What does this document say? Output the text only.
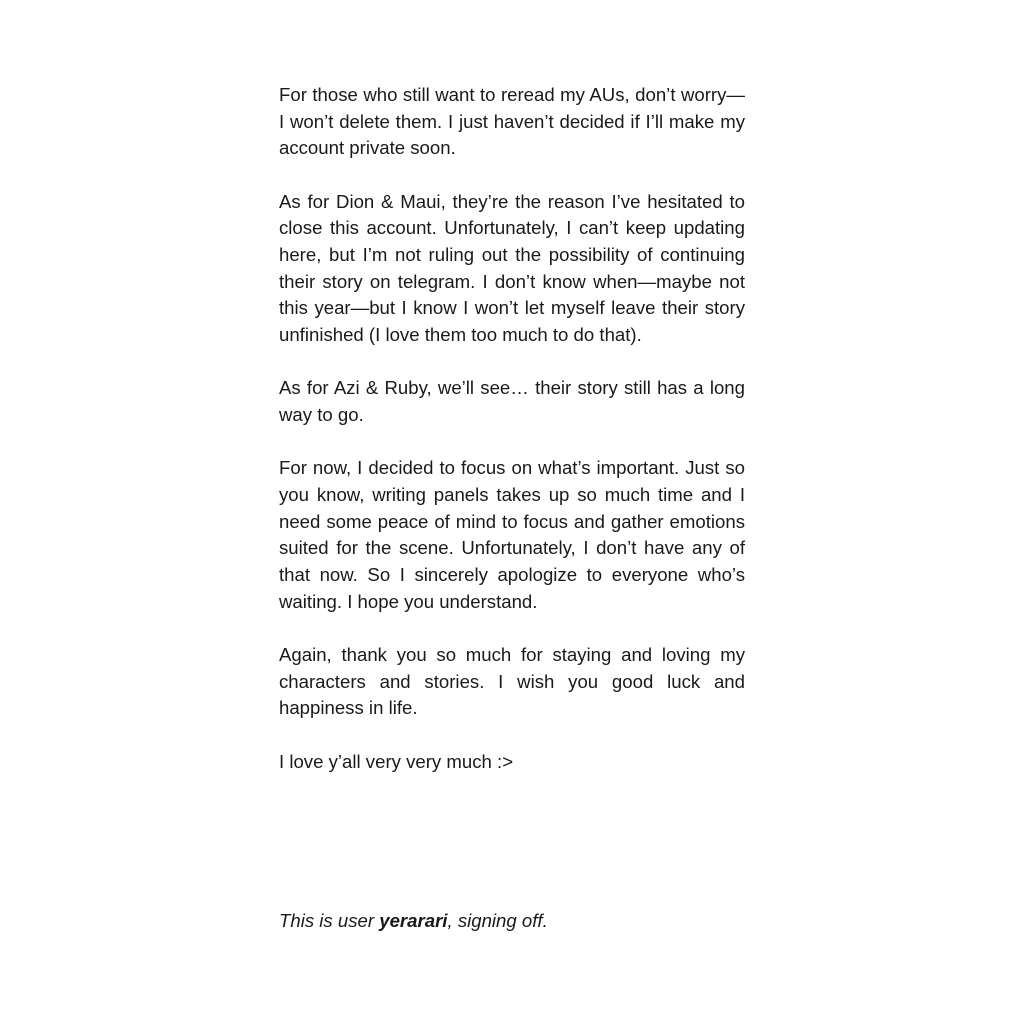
For those who still want to reread my AUs, don’t worry—I won’t delete them. I just haven’t decided if I’ll make my account private soon.

As for Dion & Maui, they’re the reason I’ve hesitated to close this account. Unfortunately, I can’t keep updating here, but I’m not ruling out the possibility of continuing their story on telegram. I don’t know when—maybe not this year—but I know I won’t let myself leave their story unfinished (I love them too much to do that).

As for Azi & Ruby, we’ll see… their story still has a long way to go.

For now, I decided to focus on what’s important. Just so you know, writing panels takes up so much time and I need some peace of mind to focus and gather emotions suited for the scene. Unfortunately, I don’t have any of that now. So I sincerely apologize to everyone who’s waiting. I hope you understand.

Again, thank you so much for staying and loving my characters and stories. I wish you good luck and happiness in life.

I love y’all very very much :>

This is user yerarari, signing off.
